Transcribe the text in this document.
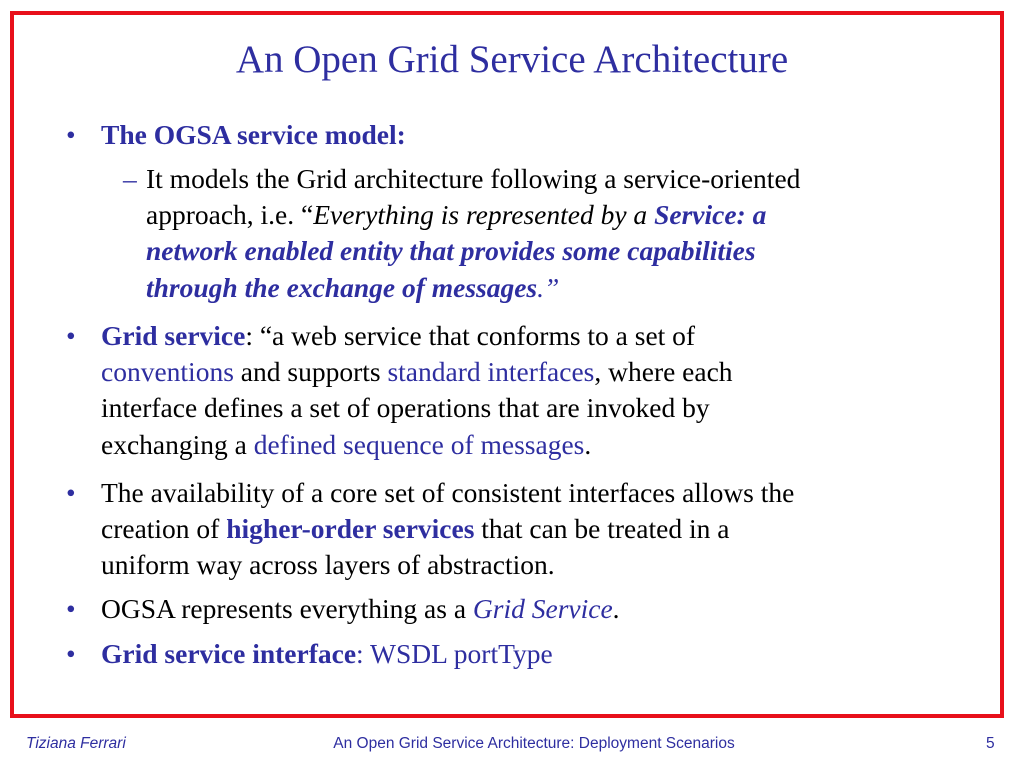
An Open Grid Service Architecture
• The OGSA service model:
– It models the Grid architecture following a service-oriented
approach, i.e. “Everything is represented by a Service: a
network enabled entity that provides some capabilities
through the exchange of messages.”
• Grid service: “a web service that conforms to a set of
conventions and supports standard interfaces, where each
interface defines a set of operations that are invoked by
exchanging a defined sequence of messages.
• The availability of a core set of consistent interfaces allows the
creation of higher-order services that can be treated in a
uniform way across layers of abstraction.
• OGSA represents everything as a Grid Service.
• Grid service interface: WSDL portType
Tiziana Ferrari	An Open Grid Service Architecture: Deployment Scenarios	5
